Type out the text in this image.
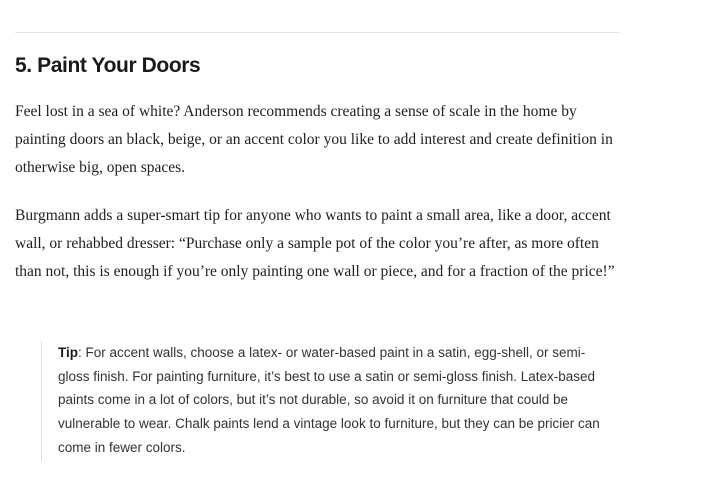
5. Paint Your Doors

Feel lost in a sea of white? Anderson recommends creating a sense of scale in the home by painting doors an black, beige, or an accent color you like to add interest and create definition in otherwise big, open spaces.

Burgmann adds a super-smart tip for anyone who wants to paint a small area, like a door, accent wall, or rehabbed dresser: “Purchase only a sample pot of the color you’re after, as more often than not, this is enough if you’re only painting one wall or piece, and for a fraction of the price!”

Tip: For accent walls, choose a latex- or water-based paint in a satin, egg-shell, or semi-gloss finish. For painting furniture, it’s best to use a satin or semi-gloss finish. Latex-based paints come in a lot of colors, but it’s not durable, so avoid it on furniture that could be vulnerable to wear. Chalk paints lend a vintage look to furniture, but they can be pricier can come in fewer colors.
